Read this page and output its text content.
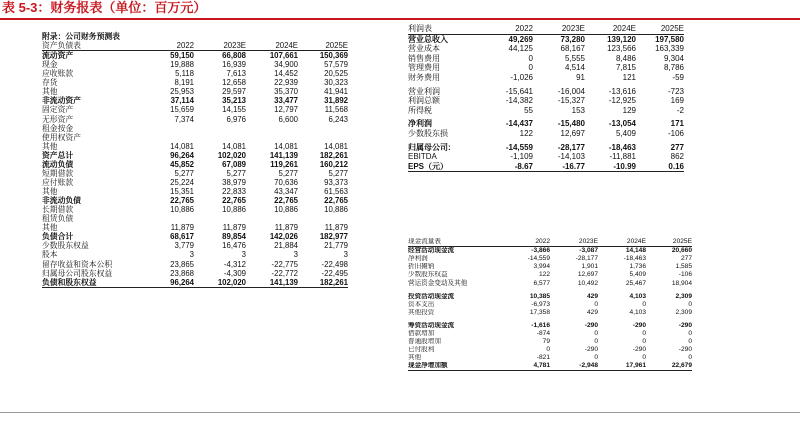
表 5-3：财务报表（单位：百万元）
附录：公司财务预测表
资产负债表	2022	2023E	2024E	2025E
流动资产	59,150	66,808	107,661	150,369
现金	19,888	16,939	34,900	57,579
应收账款	5,118	7,613	14,452	20,525
存货	8,191	12,658	22,939	30,323
其他	25,953	29,597	35,370	41,941
非流动资产	37,114	35,213	33,477	31,892
固定资产	15,659	14,155	12,797	11,568
无形资产	7,374	6,976	6,600	6,243
租金按金				
使用权资产				
其他	14,081	14,081	14,081	14,081
资产总计	96,264	102,020	141,139	182,261
流动负债	45,852	67,089	119,261	160,212
短期借款	5,277	5,277	5,277	5,277
应付账款	25,224	38,979	70,636	93,373
其他	15,351	22,833	43,347	61,563
非流动负债	22,765	22,765	22,765	22,765
长期借款	10,886	10,886	10,886	10,886
租赁负债				
其他	11,879	11,879	11,879	11,879
负债合计	68,617	89,854	142,026	182,977
少数股东权益	3,779	16,476	21,884	21,779
股本	3	3	3	3
留存收益和资本公积	23,865	-4,312	-22,775	-22,498
归属母公司股东权益	23,868	-4,309	-22,772	-22,495
负债和股东权益	96,264	102,020	141,139	182,261
利润表	2022	2023E	2024E	2025E
营业总收入	49,269	73,280	139,120	197,580
营业成本	44,125	68,167	123,566	163,339
销售费用	0	5,555	8,486	9,304
管理费用	0	4,514	7,815	8,786
财务费用	-1,026	91	121	-59

营业利润	-15,641	-16,004	-13,616	-723
利润总额	-14,382	-15,327	-12,925	169
所得税	55	153	129	-2

净利润	-14,437	-15,480	-13,054	171
少数股东损	122	12,697	5,409	-106

归属母公司:	-14,559	-28,177	-18,463	277
EBITDA	-1,109	-14,103	-11,881	862
EPS（元）	-8.67	-16.77	-10.99	0.16
现金流量表	2022	2023E	2024E	2025E
经营活动现金流	-3,866	-3,087	14,148	20,660
净利润	-14,559	-28,177	-18,463	277
折旧摊销	3,994	1,901	1,736	1,585
少数股东权益	122	12,697	5,409	-106
营运资金变动及其他	6,577	10,492	25,467	18,904

投资活动现金流	10,385	429	4,103	2,309
资本支出	-6,973	0	0	0
其他投资	17,358	429	4,103	2,309

筹资活动现金流	-1,616	-290	-290	-290
借款增加	-874	0	0	0
普通股增加	79	0	0	0
已付股利	0	-290	-290	-290
其他	-821	0	0	0
现金净增加额	4,781	-2,948	17,961	22,679
